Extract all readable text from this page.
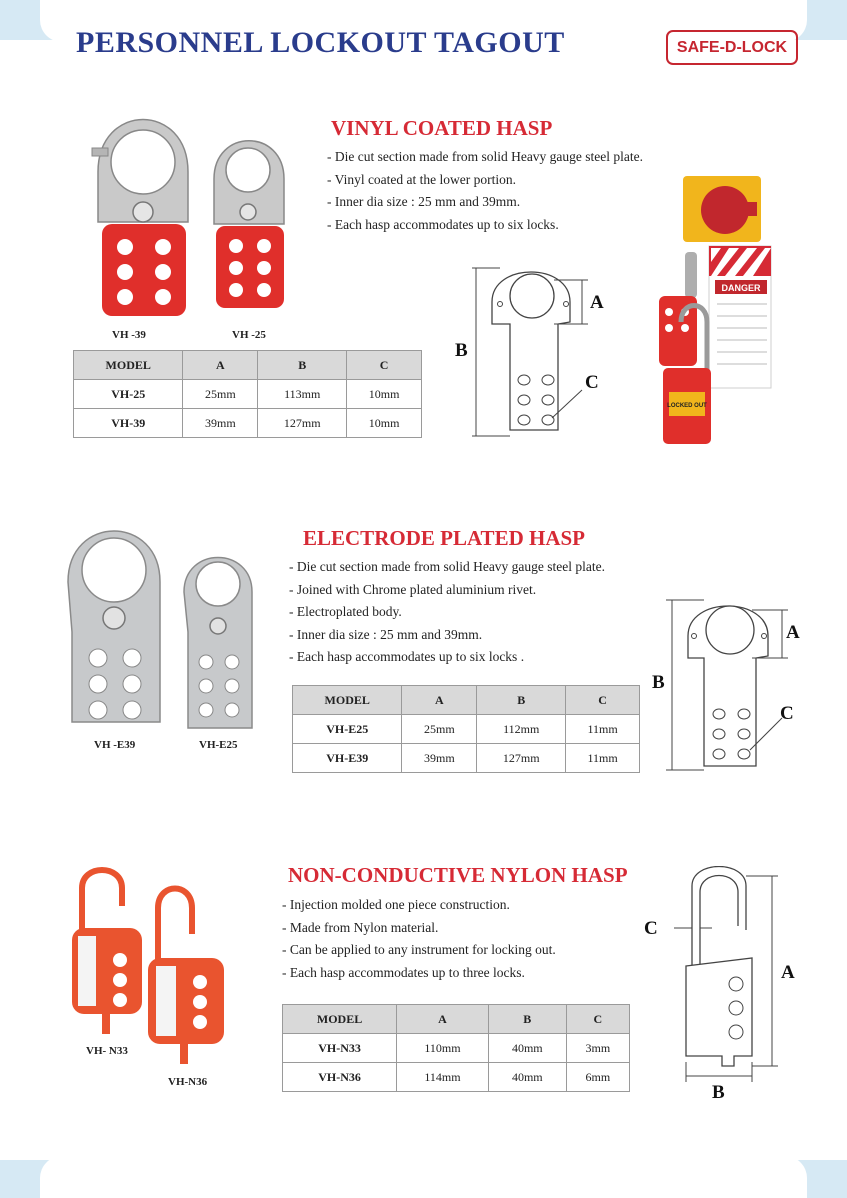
PERSONNEL LOCKOUT TAGOUT	SAFE-D-LOCK
VINYL COATED HASP
- Die cut section made from solid Heavy gauge steel plate.
- Vinyl coated at the lower portion.
- Inner dia size : 25 mm and 39mm.
- Each hasp accommodates up to six locks.
VH -39	VH -25
MODEL	A	B	C
VH-25	25mm	113mm	10mm
VH-39	39mm	127mm	10mm
B
A
C
DANGER
LOCKED OUT
ELECTRODE PLATED HASP
- Die cut section made from solid Heavy gauge steel plate.
- Joined with Chrome plated aluminium rivet.
- Electroplated body.
- Inner dia size : 25 mm and 39mm.
- Each hasp accommodates up to six locks .
VH -E39	VH-E25
MODEL	A	B	C
VH-E25	25mm	112mm	11mm
VH-E39	39mm	127mm	11mm
B
A
C
NON-CONDUCTIVE NYLON HASP
- Injection molded one piece construction.
- Made from Nylon material.
- Can be applied to any instrument for locking out.
- Each hasp accommodates up to three locks.
VH- N33
VH-N36
MODEL	A	B	C
VH-N33	110mm	40mm	3mm
VH-N36	114mm	40mm	6mm
C
A
B
